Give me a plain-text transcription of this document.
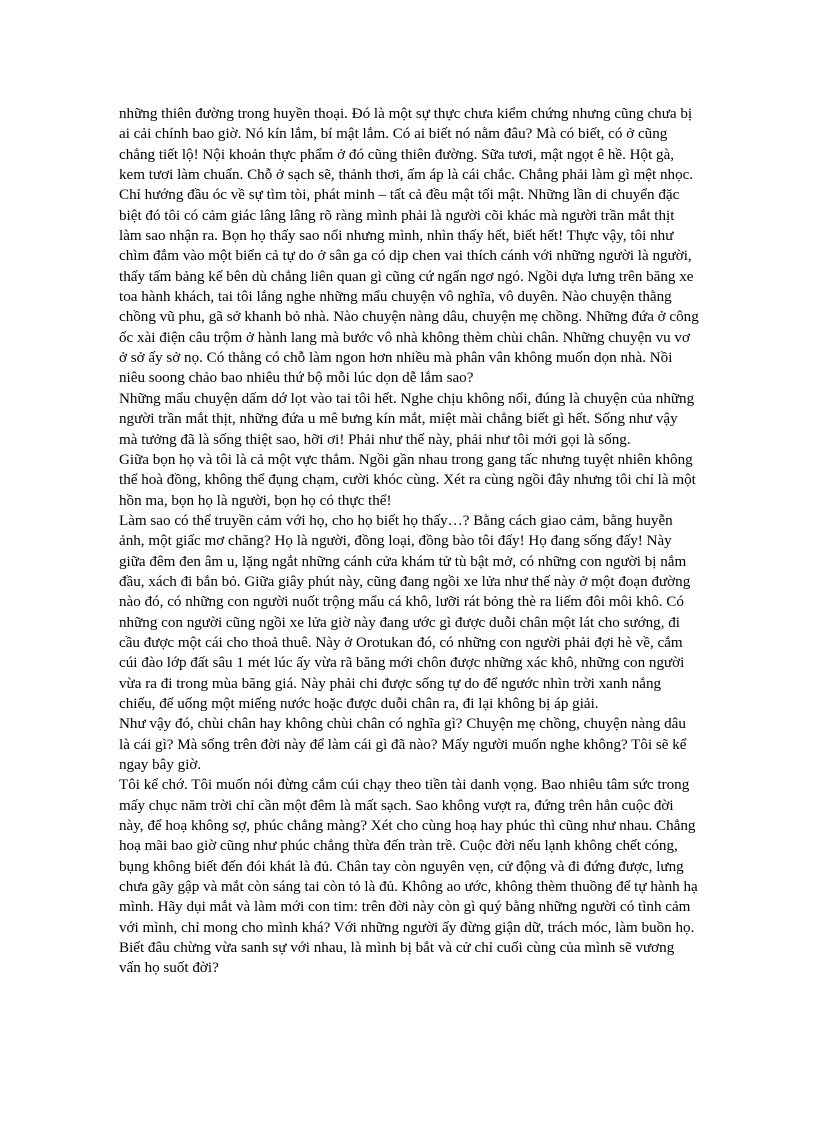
những thiên đường trong huyền thoại. Đó là một sự thực chưa kiểm chứng nhưng cũng chưa bị ai cải chính bao giờ. Nó kín lắm, bí mật lắm. Có ai biết nó nằm đâu? Mà có biết, có ở cũng chẳng tiết lộ! Nội khoản thực phẩm ở đó cũng thiên đường. Sữa tươi, mật ngọt ê hề. Hột gà, kem tươi làm chuẩn. Chỗ ở sạch sẽ, thảnh thơi, ấm áp là cái chắc. Chẳng phải làm gì mệt nhọc. Chỉ hướng đầu óc về sự tìm tòi, phát minh – tất cả đều mật tối mật. Những lần di chuyển đặc biệt đó tôi có cảm giác lâng lâng rõ ràng mình phải là người cõi khác mà người trần mắt thịt làm sao nhận ra. Bọn họ thấy sao nổi nhưng mình, nhìn thấy hết, biết hết! Thực vậy, tôi như chìm đắm vào một biển cả tự do ở sân ga có dịp chen vai thích cánh với những người là người, thấy tấm bảng kế bên dù chẳng liên quan gì cũng cứ ngẩn ngơ ngó. Ngồi dựa lưng trên băng xe toa hành khách, tai tôi lắng nghe những mẩu chuyện vô nghĩa, vô duyên. Nào chuyện thằng chồng vũ phu, gã sở khanh bỏ nhà. Nào chuyện nàng dâu, chuyện mẹ chồng. Những đứa ở công ốc xài điện câu trộm ở hành lang mà bước vô nhà không thèm chùi chân. Những chuyện vu vơ ở sở ấy sở nọ. Có thằng có chỗ làm ngon hơn nhiều mà phân vân không muốn dọn nhà. Nồi niêu soong chảo bao nhiêu thứ bộ mỗi lúc dọn dễ lắm sao?

Những mẩu chuyện dấm dớ lọt vào tai tôi hết. Nghe chịu không nổi, đúng là chuyện của những người trần mắt thịt, những đứa u mê bưng kín mắt, miệt mài chẳng biết gì hết. Sống như vậy mà tưởng đã là sống thiệt sao, hỡi ơi! Phải như thế này, phải như tôi mới gọi là sống.

Giữa bọn họ và tôi là cả một vực thẳm. Ngồi gần nhau trong gang tấc nhưng tuyệt nhiên không thể hoà đồng, không thể đụng chạm, cười khóc cùng. Xét ra cùng ngồi đây nhưng tôi chỉ là một hồn ma, bọn họ là người, bọn họ có thực thể!

Làm sao có thể truyền cảm với họ, cho họ biết họ thấy…? Bằng cách giao cảm, bằng huyễn ảnh, một giấc mơ chăng? Họ là người, đồng loại, đồng bào tôi đấy! Họ đang sống đấy! Này giữa đêm đen âm u, lặng ngắt những cánh cửa khám tử tù bật mở, có những con người bị nắm đầu, xách đi bắn bỏ. Giữa giây phút này, cũng đang ngồi xe lửa như thế này ở một đoạn đường nào đó, có những con người nuốt trộng mẩu cá khô, lưỡi rát bỏng thè ra liếm đôi môi khô. Có những con người cũng ngồi xe lửa giờ này đang ước gì được duỗi chân một lát cho sướng, đi cầu được một cái cho thoả thuê. Này ở Orotukan đó, có những con người phải đợi hè về, cắm cúi đào lớp đất sâu 1 mét lúc ấy vừa rã băng mới chôn được những xác khô, những con người vừa ra đi trong mùa băng giá. Này phải chi được sống tự do để ngước nhìn trời xanh nắng chiếu, để uống một miếng nước hoặc được duỗi chân ra, đi lại không bị áp giải.

Như vậy đó, chùi chân hay không chùi chân có nghĩa gì? Chuyện mẹ chồng, chuyện nàng dâu là cái gì? Mà sống trên đời này để làm cái gì đã nào? Mấy người muốn nghe không? Tôi sẽ kể ngay bây giờ.

Tôi kể chớ. Tôi muốn nói đừng cắm cúi chạy theo tiền tài danh vọng. Bao nhiêu tâm sức trong mấy chục năm trời chỉ cần một đêm là mất sạch. Sao không vượt ra, đứng trên hẳn cuộc đời này, để hoạ không sợ, phúc chẳng màng? Xét cho cùng hoạ hay phúc thì cũng như nhau. Chẳng hoạ mãi bao giờ cũng như phúc chẳng thừa đến tràn trề. Cuộc đời nếu lạnh không chết cóng, bụng không biết đến đói khát là đủ. Chân tay còn nguyên vẹn, cử động và đi đứng được, lưng chưa gãy gập và mắt còn sáng tai còn tỏ là đủ. Không ao ước, không thèm thuồng để tự hành hạ mình. Hãy dụi mắt và làm mới con tim: trên đời này còn gì quý bằng những người có tình cảm với mình, chỉ mong cho mình khá? Với những người ấy đừng giận dữ, trách móc, làm buồn họ. Biết đâu chừng vừa sanh sự với nhau, là mình bị bắt và cử chỉ cuối cùng của mình sẽ vương vấn họ suốt đời?
